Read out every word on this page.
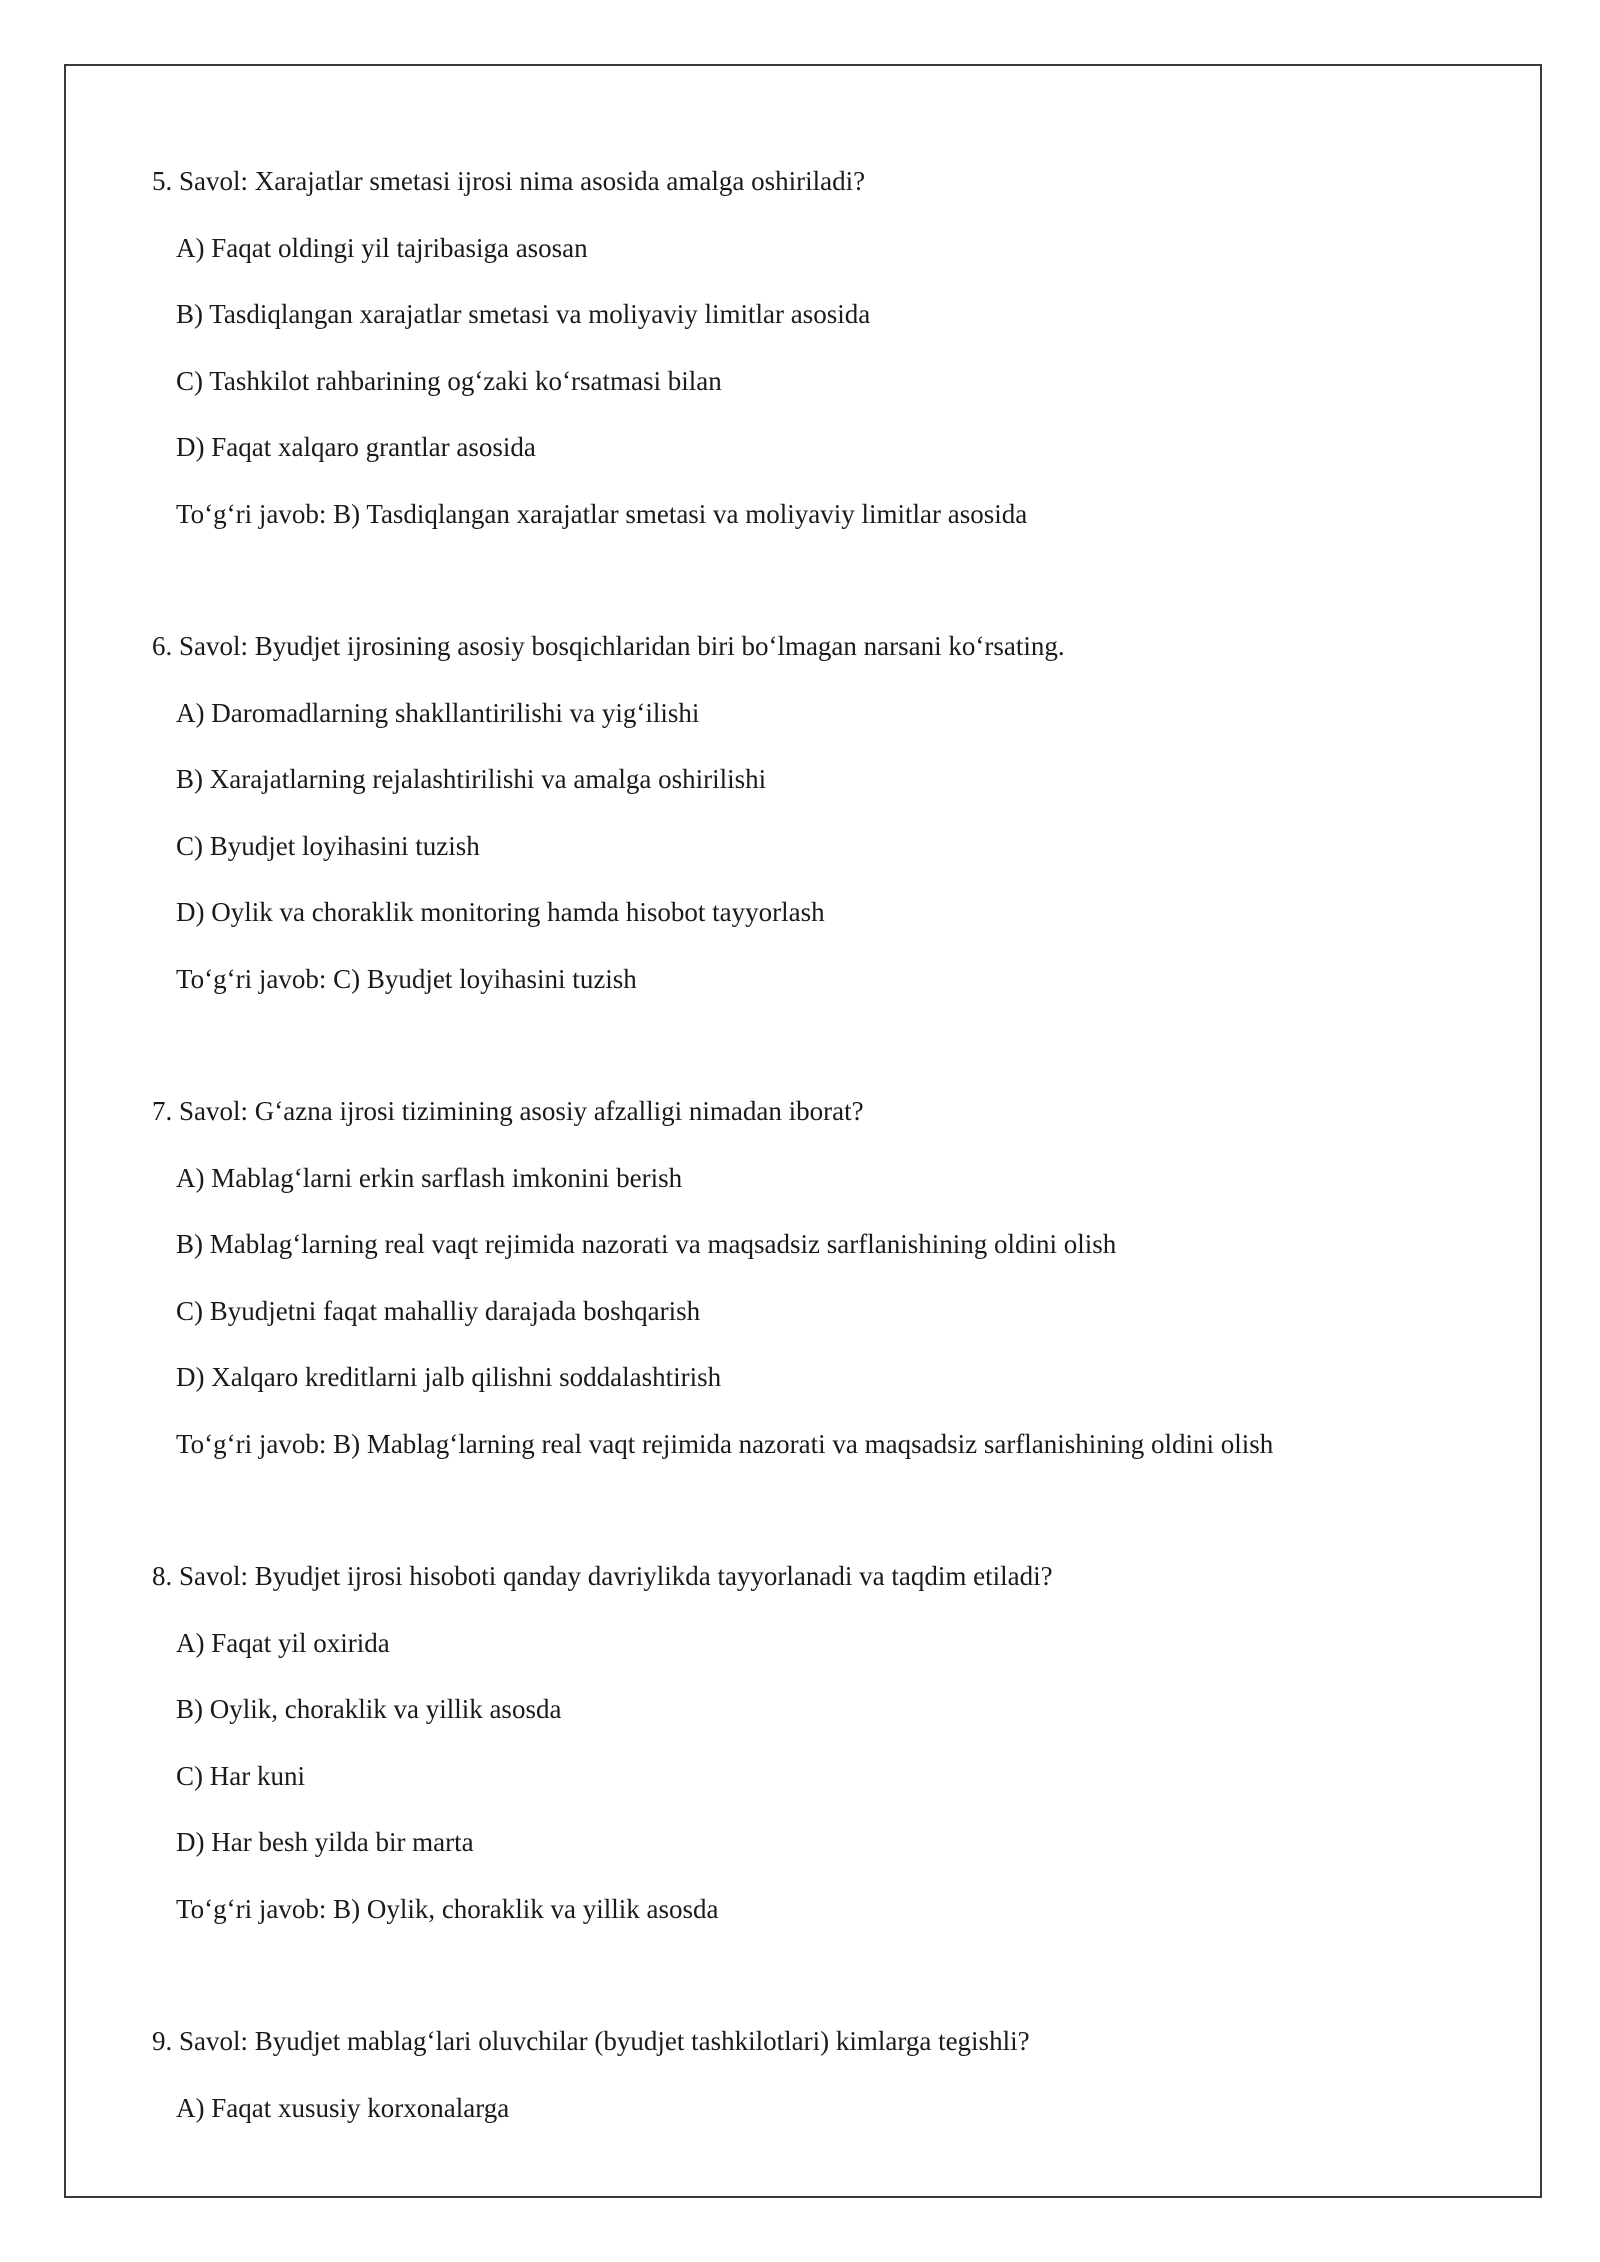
5. Savol: Xarajatlar smetasi ijrosi nima asosida amalga oshiriladi?
A) Faqat oldingi yil tajribasiga asosan
B) Tasdiqlangan xarajatlar smetasi va moliyaviy limitlar asosida
C) Tashkilot rahbarining og‘zaki ko‘rsatmasi bilan
D) Faqat xalqaro grantlar asosida
To‘g‘ri javob: B) Tasdiqlangan xarajatlar smetasi va moliyaviy limitlar asosida
6. Savol: Byudjet ijrosining asosiy bosqichlaridan biri bo‘lmagan narsani ko‘rsating.
A) Daromadlarning shakllantirilishi va yig‘ilishi
B) Xarajatlarning rejalashtirilishi va amalga oshirilishi
C) Byudjet loyihasini tuzish
D) Oylik va choraklik monitoring hamda hisobot tayyorlash
To‘g‘ri javob: C) Byudjet loyihasini tuzish
7. Savol: G‘azna ijrosi tizimining asosiy afzalligi nimadan iborat?
A) Mablag‘larni erkin sarflash imkonini berish
B) Mablag‘larning real vaqt rejimida nazorati va maqsadsiz sarflanishining oldini olish
C) Byudjetni faqat mahalliy darajada boshqarish
D) Xalqaro kreditlarni jalb qilishni soddalashtirish
To‘g‘ri javob: B) Mablag‘larning real vaqt rejimida nazorati va maqsadsiz sarflanishining oldini olish
8. Savol: Byudjet ijrosi hisoboti qanday davriylikda tayyorlanadi va taqdim etiladi?
A) Faqat yil oxirida
B) Oylik, choraklik va yillik asosda
C) Har kuni
D) Har besh yilda bir marta
To‘g‘ri javob: B) Oylik, choraklik va yillik asosda
9. Savol: Byudjet mablag‘lari oluvchilar (byudjet tashkilotlari) kimlarga tegishli?
A) Faqat xususiy korxonalarga
